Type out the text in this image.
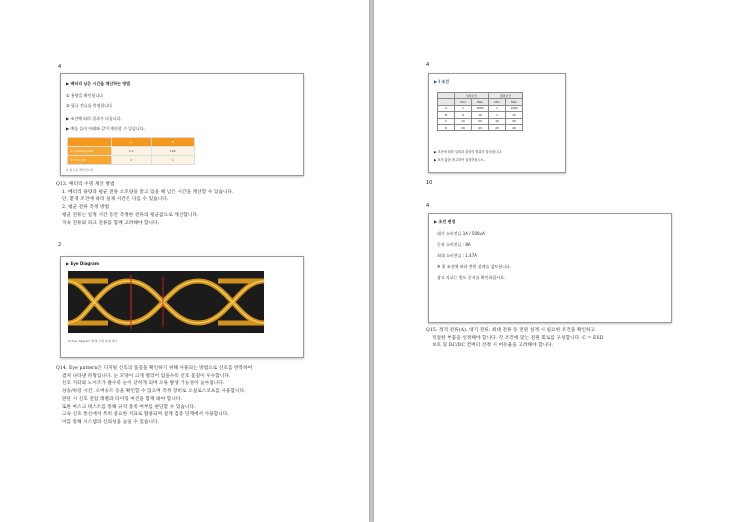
4
▶ 배터리 남은 시간을 계산하는 방법
① 용량을 확인합니다
② 평균 전류를 측정합니다
▶ 조건에 따라 결과가 다릅니다.
▶ 예를 들어 아래와 같이 계산할 수 있습니다.
	A	B
① Current (mA)	0.1	100
② Time (h)	1	1
※ 참고용 계산입니다
Q13. 배터리 수명 계산 방법
1. 배터리 용량과 평균 전류 소모량을 알고 있을 때 남은 시간을 계산할 수 있습니다.
단, 환경 조건에 따라 실제 시간은 다를 수 있습니다.
2. 평균 전류 측정 방법
평균 전류는 일정 시간 동안 측정한 전류의 평균값으로 계산합니다.
지속 전류와 피크 전류를 함께 고려해야 합니다.
2
▶ Eye Diagram
※ Eye diagram 발생 시점 측정 예시
Q14. Eye pattern은 디지털 신호의 품질을 확인하기 위해 사용되는 방법으로 신호를 반복하여
겹쳐 나타낸 파형입니다. 눈 모양이 크게 열리어 있을수록 신호 품질이 우수합니다.
신호 지터와 노이즈가 클수록 눈이 닫히게 되며 오류 발생 가능성이 높아집니다.
상승/하강 시간, 오버슈트 등을 확인할 수 있으며 측정 장비로 오실로스코프를 사용합니다.
판단 시 신호 전압 레벨과 타이밍 마진을 함께 봐야 합니다.
또한 마스크 테스트를 통해 규격 충족 여부를 판단할 수 있습니다.
고속 신호 통신에서 특히 중요한 지표로 활용되며 설계 검증 단계에서 사용합니다.
이를 통해 시스템의 신뢰성을 높일 수 있습니다.
4
▶ Ⅰ 조건
	입력조건		출력조건	
	Min	Max	Min	Max
A	1	1000	1	1000
B	0	10	1	10
C	10	50	10	50
D	20	40	20	40
▶ 조건에 따라 입력과 출력의 범위가 달라집니다.
▶ 표의 값을 참고하여 설정하십시오.
10
4
▶ 조건 변경
대기 소비전류 1A / 500uA
동작 소비전류 : 8A
최대 소비전류 : 1.47A
※ 위 조건에 따라 전원 설계를 검토합니다.
참고 자료는 별도 문서를 확인하십시오.
Q15. 정격 전류(A), 대기 전류, 최대 전류 등 전원 설계 시 필요한 조건을 확인하고
적절한 부품을 선정해야 합니다. 각 조건에 맞는 전원 회로를 구성합니다. C = ESD
보호 및 DC/DC 컨버터 선정 시 여유율을 고려해야 합니다.
